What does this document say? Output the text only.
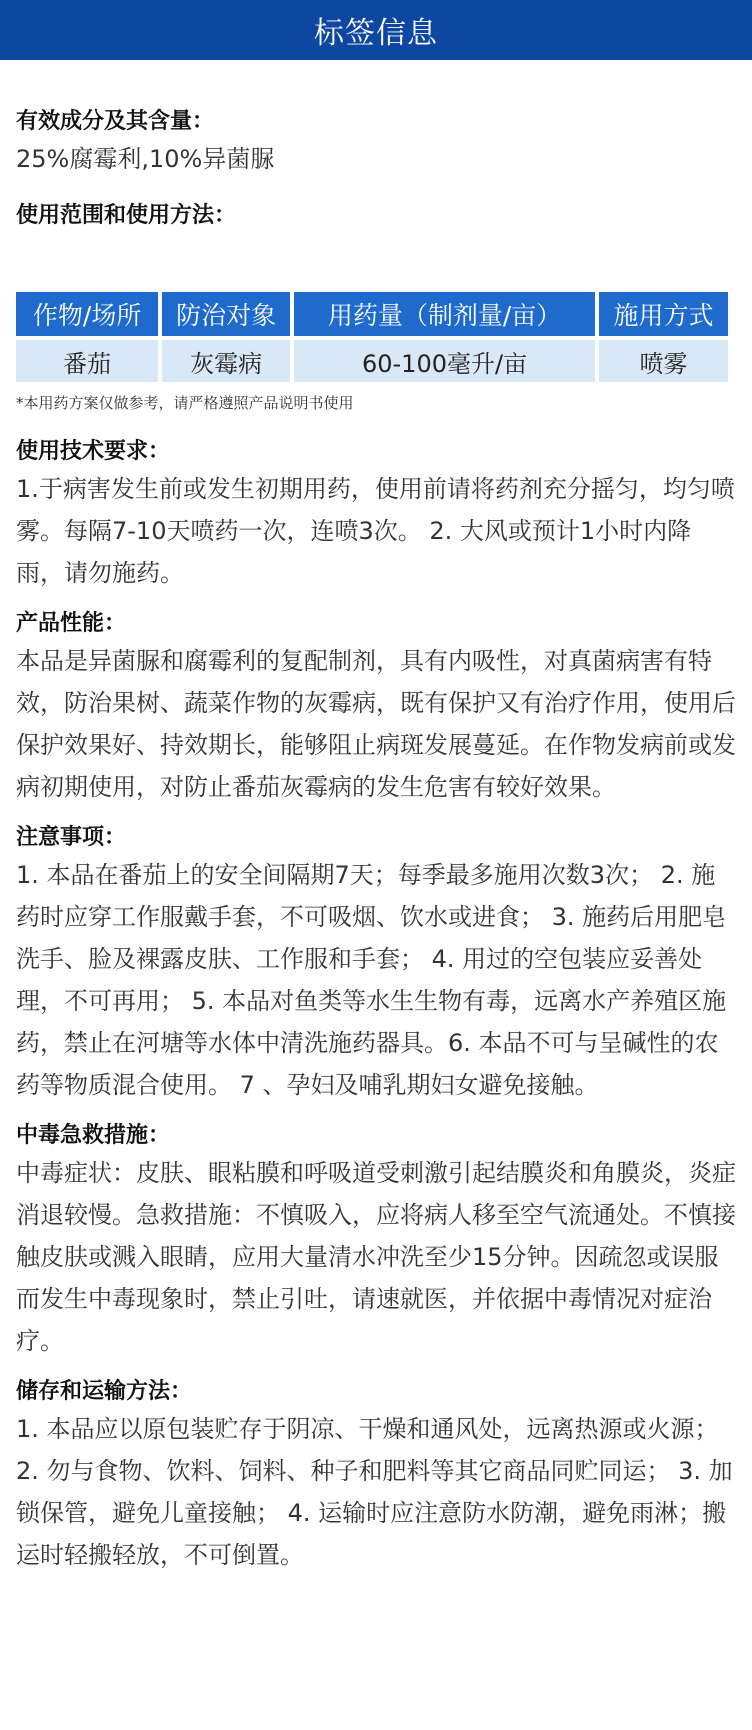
标签信息
有效成分及其含量：
25%腐霉利,10%异菌脲
使用范围和使用方法：
作物/场所	防治对象	用药量（制剂量/亩）	施用方式
番茄	灰霉病	60-100毫升/亩	喷雾
*本用药方案仅做参考，请严格遵照产品说明书使用
使用技术要求：
1.于病害发生前或发生初期用药，使用前请将药剂充分摇匀，均匀喷雾。每隔7-10天喷药一次，连喷3次。 2. 大风或预计1小时内降雨，请勿施药。
产品性能：
本品是异菌脲和腐霉利的复配制剂，具有内吸性，对真菌病害有特效，防治果树、蔬菜作物的灰霉病，既有保护又有治疗作用，使用后保护效果好、持效期长，能够阻止病斑发展蔓延。在作物发病前或发病初期使用，对防止番茄灰霉病的发生危害有较好效果。
注意事项：
1. 本品在番茄上的安全间隔期7天；每季最多施用次数3次； 2. 施药时应穿工作服戴手套，不可吸烟、饮水或进食； 3. 施药后用肥皂洗手、脸及裸露皮肤、工作服和手套； 4. 用过的空包装应妥善处理，不可再用； 5. 本品对鱼类等水生生物有毒，远离水产养殖区施药，禁止在河塘等水体中清洗施药器具。6. 本品不可与呈碱性的农药等物质混合使用。 7 、孕妇及哺乳期妇女避免接触。
中毒急救措施：
中毒症状：皮肤、眼粘膜和呼吸道受刺激引起结膜炎和角膜炎，炎症消退较慢。急救措施：不慎吸入，应将病人移至空气流通处。不慎接触皮肤或溅入眼睛，应用大量清水冲洗至少15分钟。因疏忽或误服而发生中毒现象时，禁止引吐，请速就医，并依据中毒情况对症治疗。
储存和运输方法：
1. 本品应以原包装贮存于阴凉、干燥和通风处，远离热源或火源； 2. 勿与食物、饮料、饲料、种子和肥料等其它商品同贮同运； 3. 加锁保管，避免儿童接触； 4. 运输时应注意防水防潮，避免雨淋；搬运时轻搬轻放，不可倒置。
